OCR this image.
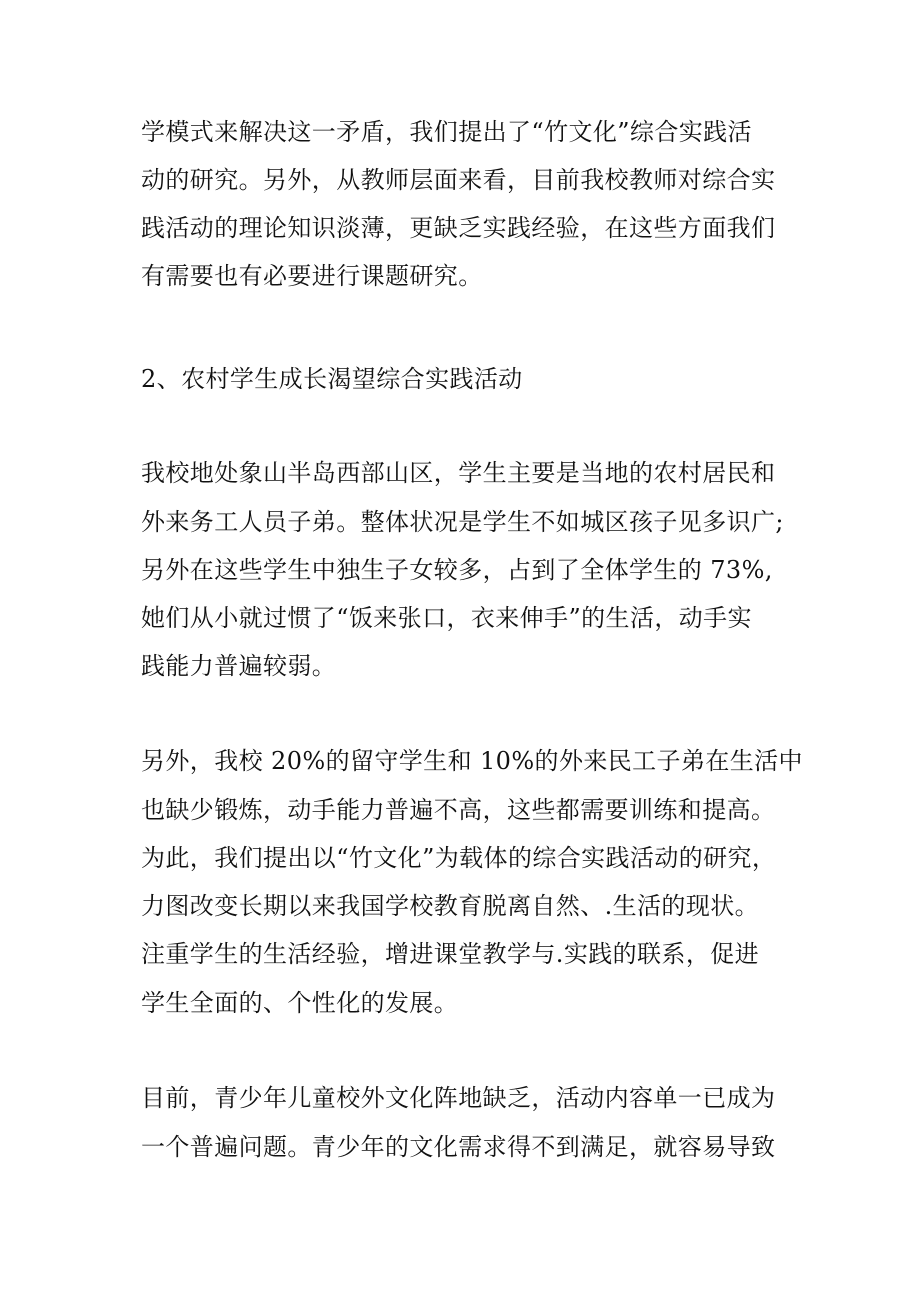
学模式来解决这一矛盾，我们提出了“竹文化”综合实践活
动的研究。另外，从教师层面来看，目前我校教师对综合实
践活动的理论知识淡薄，更缺乏实践经验，在这些方面我们
有需要也有必要进行课题研究。
2、农村学生成长渴望综合实践活动
我校地处象山半岛西部山区，学生主要是当地的农村居民和
外来务工人员子弟。整体状况是学生不如城区孩子见多识广;
另外在这些学生中独生子女较多，占到了全体学生的 73%,
她们从小就过惯了“饭来张口，衣来伸手”的生活，动手实
践能力普遍较弱。
另外，我校 20%的留守学生和 10%的外来民工子弟在生活中
也缺少锻炼，动手能力普遍不高，这些都需要训练和提高。
为此，我们提出以“竹文化”为载体的综合实践活动的研究，
力图改变长期以来我国学校教育脱离自然、.生活的现状。
注重学生的生活经验，增进课堂教学与.实践的联系，促进
学生全面的、个性化的发展。
目前，青少年儿童校外文化阵地缺乏，活动内容单一已成为
一个普遍问题。青少年的文化需求得不到满足，就容易导致
